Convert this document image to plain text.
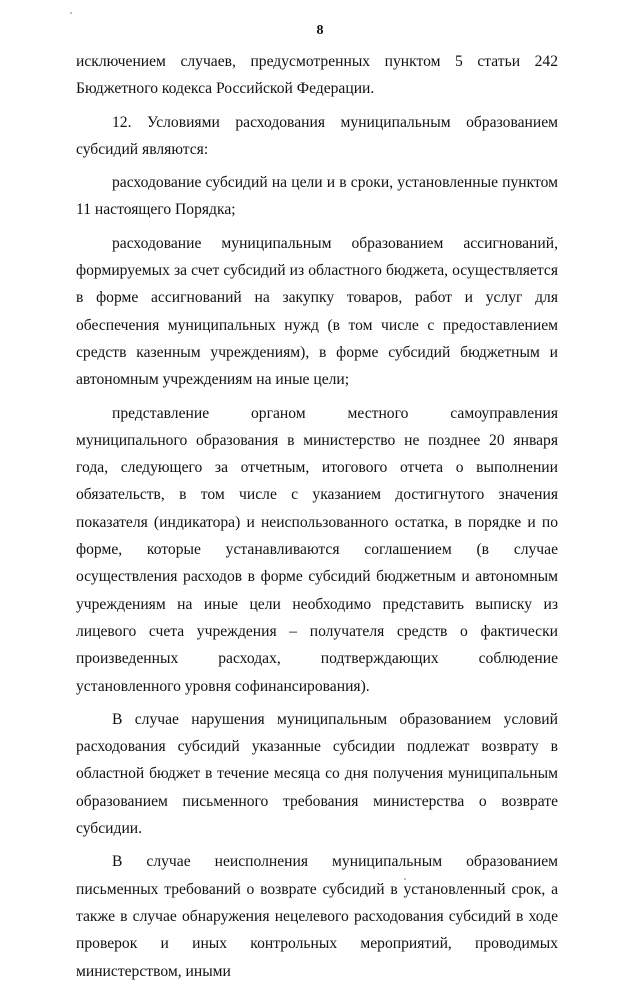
8

исключением случаев, предусмотренных пунктом 5 статьи 242 Бюджетного кодекса Российской Федерации.

12. Условиями расходования муниципальным образованием субсидий являются:

расходование субсидий на цели и в сроки, установленные пунктом 11 настоящего Порядка;

расходование муниципальным образованием ассигнований, формируемых за счет субсидий из областного бюджета, осуществляется в форме ассигнований на закупку товаров, работ и услуг для обеспечения муниципальных нужд (в том числе с предоставлением средств казенным учреждениям), в форме субсидий бюджетным и автономным учреждениям на иные цели;

представление органом местного самоуправления муниципального образования в министерство не позднее 20 января года, следующего за отчетным, итогового отчета о выполнении обязательств, в том числе с указанием достигнутого значения показателя (индикатора) и неиспользованного остатка, в порядке и по форме, которые устанавливаются соглашением (в случае осуществления расходов в форме субсидий бюджетным и автономным учреждениям на иные цели необходимо представить выписку из лицевого счета учреждения – получателя средств о фактически произведенных расходах, подтверждающих соблюдение установленного уровня софинансирования).

В случае нарушения муниципальным образованием условий расходования субсидий указанные субсидии подлежат возврату в областной бюджет в течение месяца со дня получения муниципальным образованием письменного требования министерства о возврате субсидии.

В случае неисполнения муниципальным образованием письменных требований о возврате субсидий в установленный срок, а также в случае обнаружения нецелевого расходования субсидий в ходе проверок и иных контрольных мероприятий, проводимых министерством, иными
